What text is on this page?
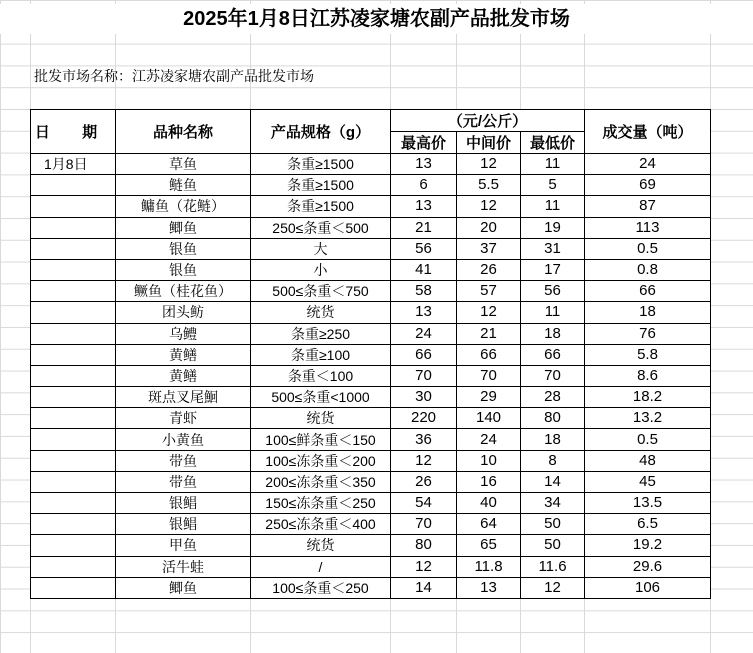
2025年1月8日江苏凌家塘农副产品批发市场
批发市场名称：江苏凌家塘农副产品批发市场
日 期	品种名称	产品规格（g）	（元/公斤）			成交量（吨）
			最高价	中间价	最低价	
1月8日	草鱼	条重≥1500	13	12	11	24
	鲢鱼	条重≥1500	6	5.5	5	69
	鳙鱼（花鲢）	条重≥1500	13	12	11	87
	鲫鱼	250≤条重＜500	21	20	19	113
	银鱼	大	56	37	31	0.5
	银鱼	小	41	26	17	0.8
	鳜鱼（桂花鱼）	500≤条重＜750	58	57	56	66
	团头鲂	统货	13	12	11	18
	乌鳢	条重≥250	24	21	18	76
	黄鳝	条重≥100	66	66	66	5.8
	黄鳝	条重＜100	70	70	70	8.6
	斑点叉尾鮰	500≤条重<1000	30	29	28	18.2
	青虾	统货	220	140	80	13.2
	小黄鱼	100≤鲜条重＜150	36	24	18	0.5
	带鱼	100≤冻条重＜200	12	10	8	48
	带鱼	200≤冻条重＜350	26	16	14	45
	银鲳	150≤冻条重＜250	54	40	34	13.5
	银鲳	250≤冻条重＜400	70	64	50	6.5
	甲鱼	统货	80	65	50	19.2
	活牛蛙	/	12	11.8	11.6	29.6
	鲫鱼	100≤条重＜250	14	13	12	106
